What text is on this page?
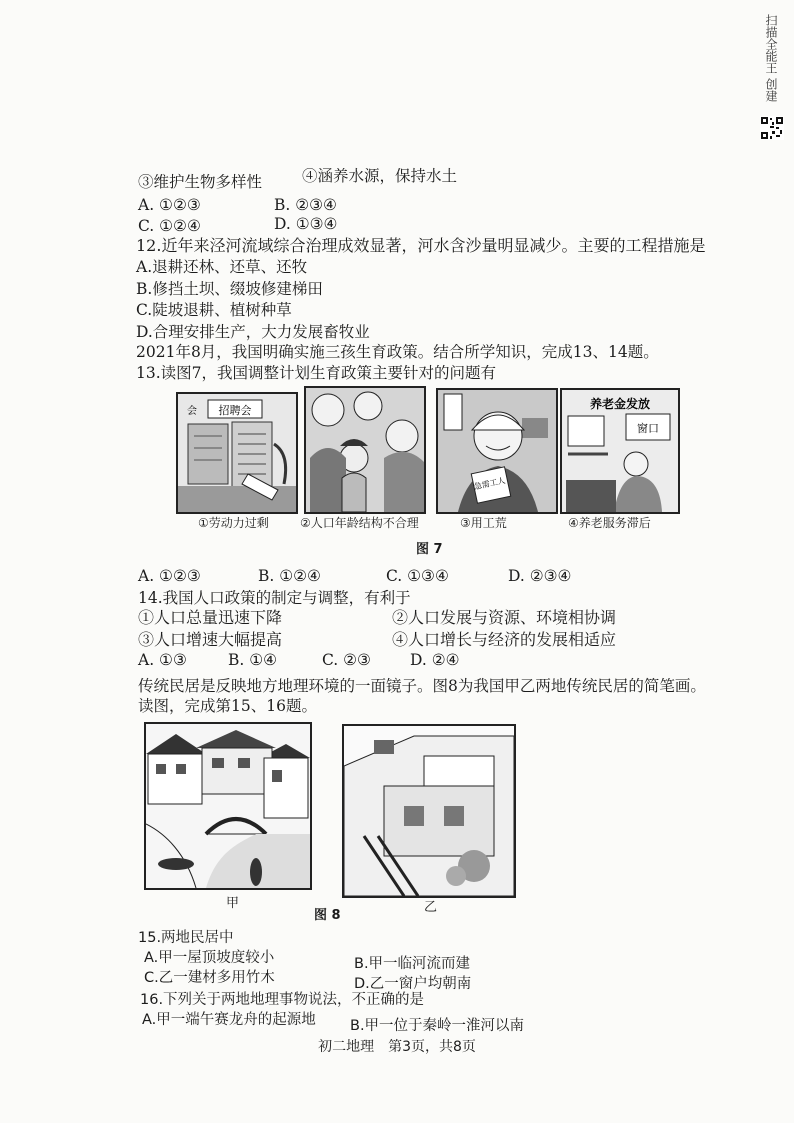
扫描全能王 创建
③维护生物多样性	④涵养水源，保持水土
A. ①②③	B. ②③④
C. ①②④	D. ①③④
12.近年来泾河流域综合治理成效显著，河水含沙量明显减少。主要的工程措施是
A.退耕还林、还草、还牧
B.修挡土坝、缀坡修建梯田
C.陡坡退耕、植树种草
D.合理安排生产，大力发展畜牧业
2021年8月，我国明确实施三孩生育政策。结合所学知识，完成13、14题。
13.读图7，我国调整计划生育政策主要针对的问题有
招聘会
会
急需工人
养老金发放
窗口
①劳动力过剩	②人口年龄结构不合理	③用工荒	④养老服务滞后
图 7
A. ①②③	B. ①②④	C. ①③④	D. ②③④
14.我国人口政策的制定与调整，有利于
①人口总量迅速下降	②人口发展与资源、环境相协调
③人口增速大幅提高	④人口增长与经济的发展相适应
A. ①③	B. ①④	C. ②③	D. ②④
传统民居是反映地方地理环境的一面镜子。图8为我国甲乙两地传统民居的简笔画。
读图，完成第15、16题。
甲	乙
图 8
15.两地民居中
A.甲一屋顶坡度较小	B.甲一临河流而建
C.乙一建材多用竹木	D.乙一窗户均朝南
16.下列关于两地地理事物说法，不正确的是
A.甲一端午赛龙舟的起源地 B.甲一位于秦岭一淮河以南
初二地理　第3页，共8页
